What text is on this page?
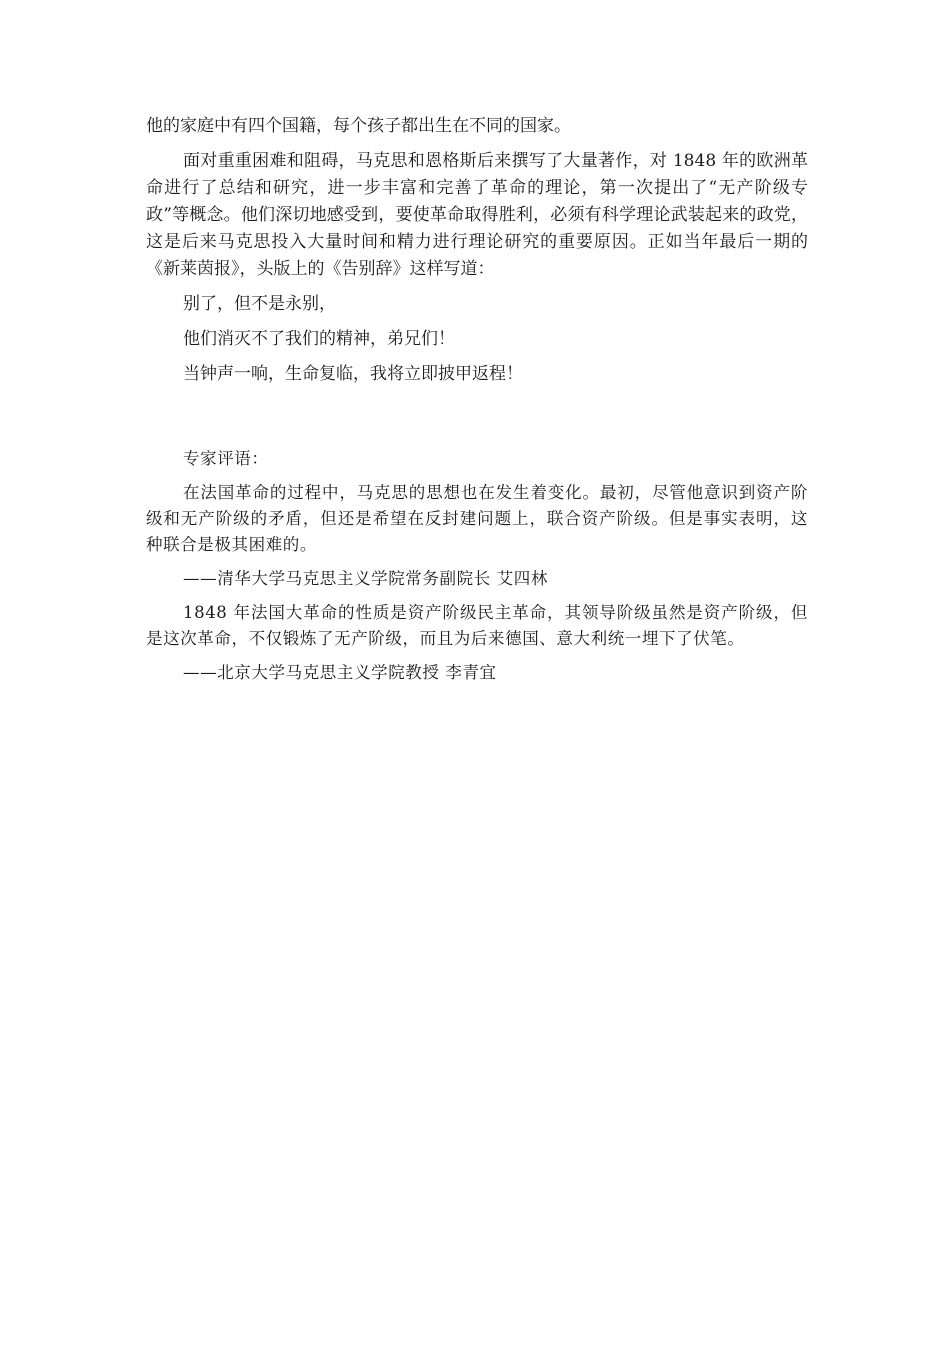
他的家庭中有四个国籍，每个孩子都出生在不同的国家。

面对重重困难和阻碍，马克思和恩格斯后来撰写了大量著作，对 1848 年的欧洲革命进行了总结和研究，进一步丰富和完善了革命的理论，第一次提出了“无产阶级专政”等概念。他们深切地感受到，要使革命取得胜利，必须有科学理论武装起来的政党，这是后来马克思投入大量时间和精力进行理论研究的重要原因。正如当年最后一期的《新莱茵报》，头版上的《告别辞》这样写道：

别了，但不是永别，

他们消灭不了我们的精神，弟兄们！

当钟声一响，生命复临，我将立即披甲返程！

专家评语：

在法国革命的过程中，马克思的思想也在发生着变化。最初，尽管他意识到资产阶级和无产阶级的矛盾，但还是希望在反封建问题上，联合资产阶级。但是事实表明，这种联合是极其困难的。

——清华大学马克思主义学院常务副院长 艾四林

1848 年法国大革命的性质是资产阶级民主革命，其领导阶级虽然是资产阶级，但是这次革命，不仅锻炼了无产阶级，而且为后来德国、意大利统一埋下了伏笔。

——北京大学马克思主义学院教授 李青宜
